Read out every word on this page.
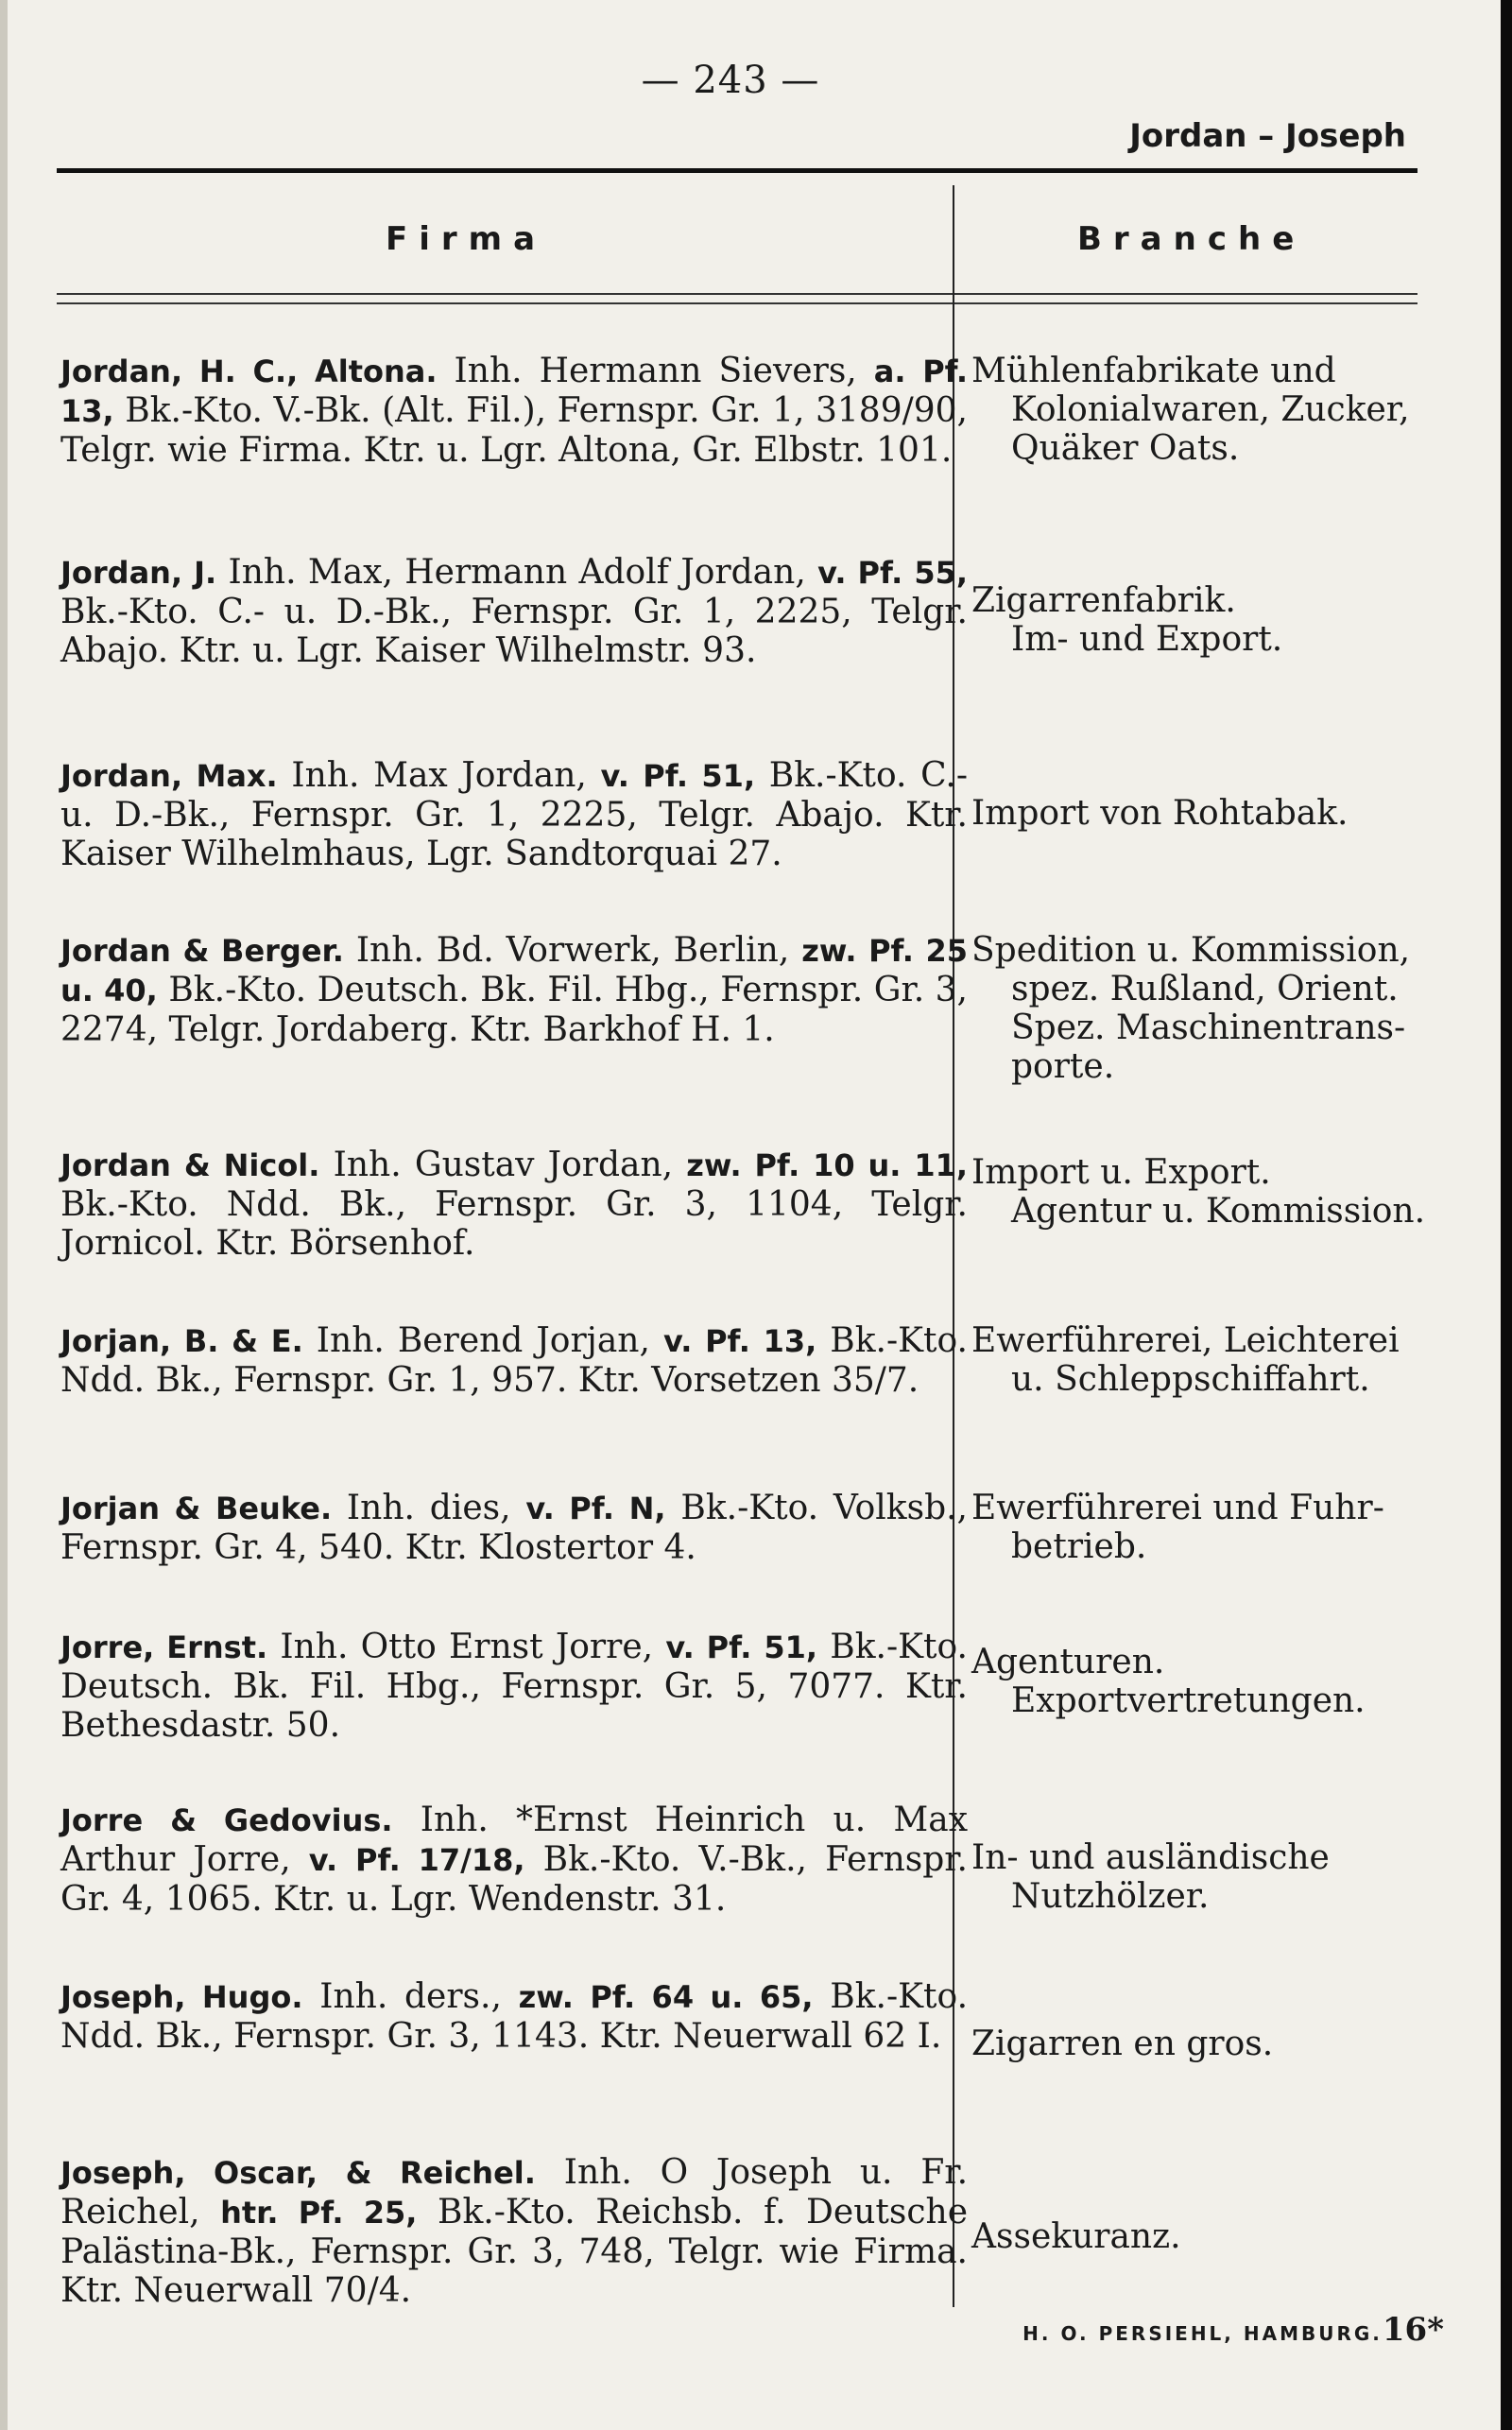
— 243 —
Jordan – Joseph
Firma	Branche
Jordan, H. C., Altona. Inh. Hermann Sievers, a. Pf. 13, Bk.-Kto. V.-Bk. (Alt. Fil.), Fernspr. Gr. 1, 3189/90, Telgr. wie Firma. Ktr. u. Lgr. Altona, Gr. Elbstr. 101.
Mühlenfabrikate und
Kolonialwaren, Zucker,
Quäker Oats.
Jordan, J. Inh. Max, Hermann Adolf Jordan, v. Pf. 55, Bk.-Kto. C.- u. D.-Bk., Fernspr. Gr. 1, 2225, Telgr. Abajo. Ktr. u. Lgr. Kaiser Wilhelmstr. 93.
Zigarrenfabrik.
Im- und Export.
Jordan, Max. Inh. Max Jordan, v. Pf. 51, Bk.-Kto. C.- u. D.-Bk., Fernspr. Gr. 1, 2225, Telgr. Abajo. Ktr. Kaiser Wilhelmhaus, Lgr. Sandtorquai 27.
Import von Rohtabak.
Jordan & Berger. Inh. Bd. Vorwerk, Berlin, zw. Pf. 25 u. 40, Bk.-Kto. Deutsch. Bk. Fil. Hbg., Fernspr. Gr. 3, 2274, Telgr. Jordaberg. Ktr. Barkhof H. 1.
Spedition u. Kommission,
spez. Rußland, Orient.
Spez. Maschinentrans-
porte.
Jordan & Nicol. Inh. Gustav Jordan, zw. Pf. 10 u. 11, Bk.-Kto. Ndd. Bk., Fernspr. Gr. 3, 1104, Telgr. Jornicol. Ktr. Börsenhof.
Import u. Export.
Agentur u. Kommission.
Jorjan, B. & E. Inh. Berend Jorjan, v. Pf. 13, Bk.-Kto. Ndd. Bk., Fernspr. Gr. 1, 957. Ktr. Vorsetzen 35/7.
Ewerführerei, Leichterei
u. Schleppschiffahrt.
Jorjan & Beuke. Inh. dies, v. Pf. N, Bk.-Kto. Volksb., Fernspr. Gr. 4, 540. Ktr. Klostertor 4.
Ewerführerei und Fuhr-
betrieb.
Jorre, Ernst. Inh. Otto Ernst Jorre, v. Pf. 51, Bk.-Kto. Deutsch. Bk. Fil. Hbg., Fernspr. Gr. 5, 7077. Ktr. Bethesdastr. 50.
Agenturen.
Exportvertretungen.
Jorre & Gedovius. Inh. *Ernst Heinrich u. Max Arthur Jorre, v. Pf. 17/18, Bk.-Kto. V.-Bk., Fernspr. Gr. 4, 1065. Ktr. u. Lgr. Wendenstr. 31.
In- und ausländische
Nutzhölzer.
Joseph, Hugo. Inh. ders., zw. Pf. 64 u. 65, Bk.-Kto. Ndd. Bk., Fernspr. Gr. 3, 1143. Ktr. Neuerwall 62 I. Zigarren en gros.
Joseph, Oscar, & Reichel. Inh. O Joseph u. Fr. Reichel, htr. Pf. 25, Bk.-Kto. Reichsb. f. Deutsche Palästina-Bk., Fernspr. Gr. 3, 748, Telgr. wie Firma. Ktr. Neuerwall 70/4.
Assekuranz.
H. O. PERSIEHL, HAMBURG.16*
